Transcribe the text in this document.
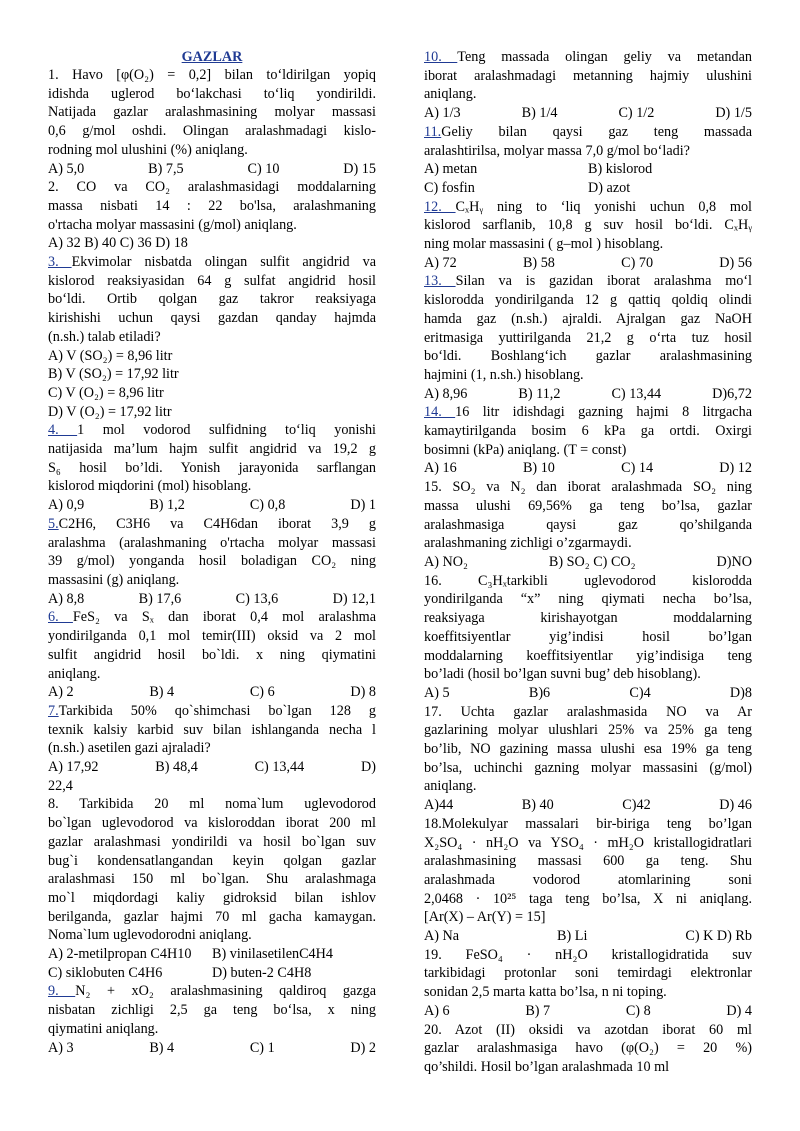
GAZLAR

1. Havo [φ(O₂) = 0,2] bilan to‘ldirilgan yopiq
idishda uglerod bo‘lakchasi to‘liq yondirildi.
Natijada gazlar aralashmasining molyar massasi
0,6 g/mol oshdi. Olingan aralashmadagi kislo-
rodning mol ulushini (%) aniqlang.
A) 5,0	B) 7,5	C) 10	D) 15
2. CO va CO₂ aralashmasidagi moddalarning
massa nisbati 14 : 22 bo'lsa, aralashmaning
o'rtacha molyar massasini (g/mol) aniqlang.
A) 32 B) 40 C) 36 D) 18
3. Ekvimolar nisbatda olingan sulfit angidrid va
kislorod reaksiyasidan 64 g sulfat angidrid hosil
bo‘ldi. Ortib qolgan gaz takror reaksiyaga
kirishishi uchun qaysi gazdan qanday hajmda
(n.sh.) talab etiladi?
A) V (SO₂) = 8,96 litr
B) V (SO₂) = 17,92 litr
C) V (O₂) = 8,96 litr
D) V (O₂) = 17,92 litr
4. 1 mol vodorod sulfidning to‘liq yonishi
natijasida ma’lum hajm sulfit angidrid va 19,2 g
S₆ hosil bo’ldi. Yonish jarayonida sarflangan
kislorod miqdorini (mol) hisoblang.
A) 0,9	B) 1,2	C) 0,8	D) 1
5.C2H6, C3H6 va C4H6dan iborat 3,9 g
aralashma (aralashmaning o'rtacha molyar massasi
39 g/mol) yonganda hosil boladigan CO₂ ning
massasini (g) aniqlang.
A) 8,8	B) 17,6	C) 13,6	D) 12,1
6. FeS₂ va Sₓ dan iborat 0,4 mol aralashma
yondirilganda 0,1 mol temir(III) oksid va 2 mol
sulfit angidrid hosil bo`ldi. x ning qiymatini
aniqlang.
A) 2	B) 4	C) 6	D) 8
7.Tarkibida 50% qo`shimchasi bo`lgan 128 g
texnik kalsiy karbid suv bilan ishlanganda necha l
(n.sh.) asetilen gazi ajraladi?
A) 17,92	B) 48,4	C) 13,44	D)
22,4
8. Tarkibida 20 ml noma`lum uglevodorod
bo`lgan uglevodorod va kisloroddan iborat 200 ml
gazlar aralashmasi yondirildi va hosil bo`lgan suv
bug`i kondensatlangandan keyin qolgan gazlar
aralashmasi 150 ml bo`lgan. Shu aralashmaga
mo`l miqdordagi kaliy gidroksid bilan ishlov
berilganda, gazlar hajmi 70 ml gacha kamaygan.
Noma`lum uglevodorodni aniqlang.
A) 2-metilpropan C4H10	B) vinilasetilenC4H4
C) siklobuten C4H6	D) buten-2 C4H8
9. N₂ + xO₂ aralashmasining qaldiroq gazga
nisbatan zichligi 2,5 ga teng bo‘lsa, x ning
qiymatini aniqlang.
A) 3	B) 4	C) 1	D) 2
10. Teng massada olingan geliy va metandan
iborat aralashmadagi metanning hajmiy ulushini
aniqlang.
A) 1/3	B) 1/4	C) 1/2	D) 1/5
11.Geliy bilan qaysi gaz teng massada
aralashtirilsa, molyar massa 7,0 g/mol bo‘ladi?
A) metan	B) kislorod
C) fosfin	D) azot
12. CₓHᵧ ning to ‘liq yonishi uchun 0,8 mol
kislorod sarflanib, 10,8 g suv hosil bo‘ldi. CₓHᵧ
ning molar massasini ( g–mol ) hisoblang.
A) 72	B) 58	C) 70	D) 56
13. Silan va is gazidan iborat aralashma mo‘l
kislorodda yondirilganda 12 g qattiq qoldiq olindi
hamda gaz (n.sh.) ajraldi. Ajralgan gaz NaOH
eritmasiga yuttirilganda 21,2 g o‘rta tuz hosil
bo‘ldi. Boshlang‘ich gazlar aralashmasining
hajmini (1, n.sh.) hisoblang.
A) 8,96	B) 11,2	C) 13,44	D)6,72
14. 16 litr idishdagi gazning hajmi 8 litrgacha
kamaytirilganda bosim 6 kPa ga ortdi. Oxirgi
bosimni (kPa) aniqlang. (T = const)
A) 16	B) 10	C) 14	D) 12
15. SO₂ va N₂ dan iborat aralashmada SO₂ ning
massa ulushi 69,56% ga teng bo’lsa, gazlar
aralashmasiga qaysi gaz qo’shilganda
aralashmaning zichligi o’zgarmaydi.
A) NO₂	B) SO₂ C) CO₂	D)NO
16. C₃Hₓtarkibli uglevodorod kislorodda
yondirilganda “x” ning qiymati necha bo’lsa,
reaksiyaga kirishayotgan moddalarning
koeffitsiyentlar yig’indisi hosil bo’lgan
moddalarning koeffitsiyentlar yig’indisiga teng
bo’ladi (hosil bo’lgan suvni bug’ deb hisoblang).
A) 5	B)6	C)4	D)8
17. Uchta gazlar aralashmasida NO va Ar
gazlarining molyar ulushlari 25% va 25% ga teng
bo’lib, NO gazining massa ulushi esa 19% ga teng
bo’lsa, uchinchi gazning molyar massasini (g/mol)
aniqlang.
A)44	B) 40	C)42	D) 46
18.Molekulyar massalari bir-biriga teng bo’lgan
X₂SO₄ · nH₂O va YSO₄ · mH₂O kristallogidratlari
aralashmasining massasi 600 ga teng. Shu
aralashmada vodorod atomlarining soni
2,0468 · 10²⁵ taga teng bo’lsa, X ni aniqlang.
[Ar(X) – Ar(Y) = 15]
A) Na	B) Li	C) K D) Rb
19. FeSO₄ · nH₂O kristallogidratida suv
tarkibidagi protonlar soni temirdagi elektronlar
sonidan 2,5 marta katta bo’lsa, n ni toping.
A) 6	B) 7	C) 8	D) 4
20. Azot (II) oksidi va azotdan iborat 60 ml
gazlar aralashmasiga havo (φ(O₂) = 20 %)
qo’shildi. Hosil bo’lgan aralashmada 10 ml
